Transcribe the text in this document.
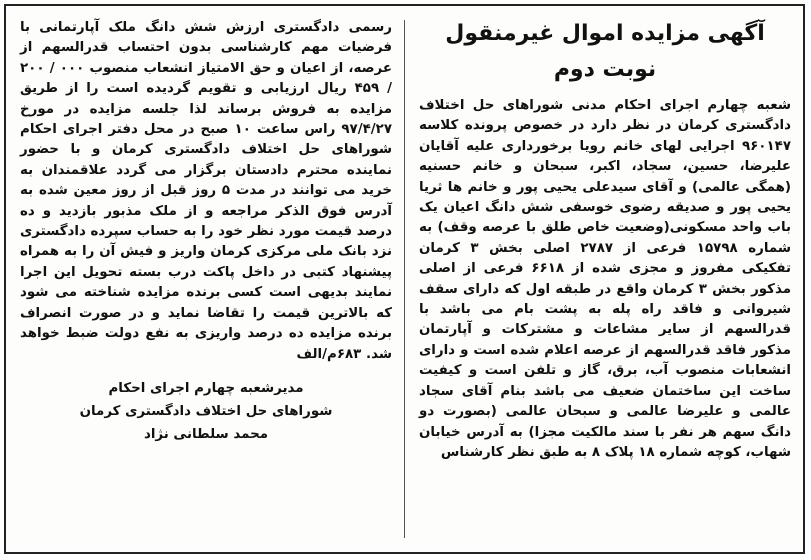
آگهی مزایده اموال غیرمنقول نوبت دوم

شعبه چهارم اجرای احکام مدنی شوراهای حل اختلاف دادگستری کرمان در نظر دارد در خصوص پرونده کلاسه ۹۶۰۱۴۷ اجرایی لهای خانم رویا برخورداری علیه آقایان علیرضا، حسین، سجاد، اکبر، سبحان و خانم حسنیه (همگی عالمی) و آقای سیدعلی یحیی پور و خانم ها ثریا یحیی پور و صدیقه رضوی خوسفی شش دانگ اعیان یک باب واحد مسکونی(وضعیت خاص طلق با عرصه وقف) به شماره ۱۵۷۹۸ فرعی از ۲۷۸۷ اصلی بخش ۳ کرمان تفکیکی مفروز و مجزی شده از ۶۶۱۸ فرعی از اصلی مذکور بخش ۳ کرمان واقع در طبقه اول که دارای سقف شیروانی و فاقد راه پله به پشت بام می باشد با قدرالسهم از سایر مشاعات و مشترکات و آپارتمان مذکور فاقد قدرالسهم از عرصه اعلام شده است و دارای انشعابات منصوب آب، برق، گاز و تلفن است و کیفیت ساخت این ساختمان ضعیف می باشد بنام آقای سجاد عالمی و علیرضا عالمی و سبحان عالمی (بصورت دو دانگ سهم هر نفر با سند مالکیت مجزا) به آدرس خیابان شهاب، کوچه شماره ۱۸ پلاک ۸ به طبق نظر کارشناس

رسمی دادگستری ارزش شش دانگ ملک آپارتمانی با فرضیات مهم کارشناسی بدون احتساب قدرالسهم از عرصه، از اعیان و حق الامتیاز انشعاب منصوب ۰۰۰ / ۲۰۰ / ۴۵۹ ریال ارزیابی و تقویم گردیده است را از طریق مزایده به فروش برساند لذا جلسه مزایده در مورخ ۹۷/۴/۲۷ راس ساعت ۱۰ صبح در محل دفتر اجرای احکام شوراهای حل اختلاف دادگستری کرمان و با حضور نماینده محترم دادستان برگزار می گردد علاقمندان به خرید می توانند در مدت ۵ روز قبل از روز معین شده به آدرس فوق الذکر مراجعه و از ملک مذبور بازدید و ده درصد قیمت مورد نظر خود را به حساب سپرده دادگستری نزد بانک ملی مرکزی کرمان واریز و فیش آن را به همراه پیشنهاد کتبی در داخل پاکت درب بسته تحویل این اجرا نمایند بدیهی است کسی برنده مزایده شناخته می شود که بالاترین قیمت را تقاضا نماید و در صورت انصراف برنده مزایده ده درصد واریزی به نفع دولت ضبط خواهد شد. ۶۸۳م/الف

مدیرشعبه چهارم اجرای احکام
شوراهای حل اختلاف دادگستری کرمان
محمد سلطانی نژاد
